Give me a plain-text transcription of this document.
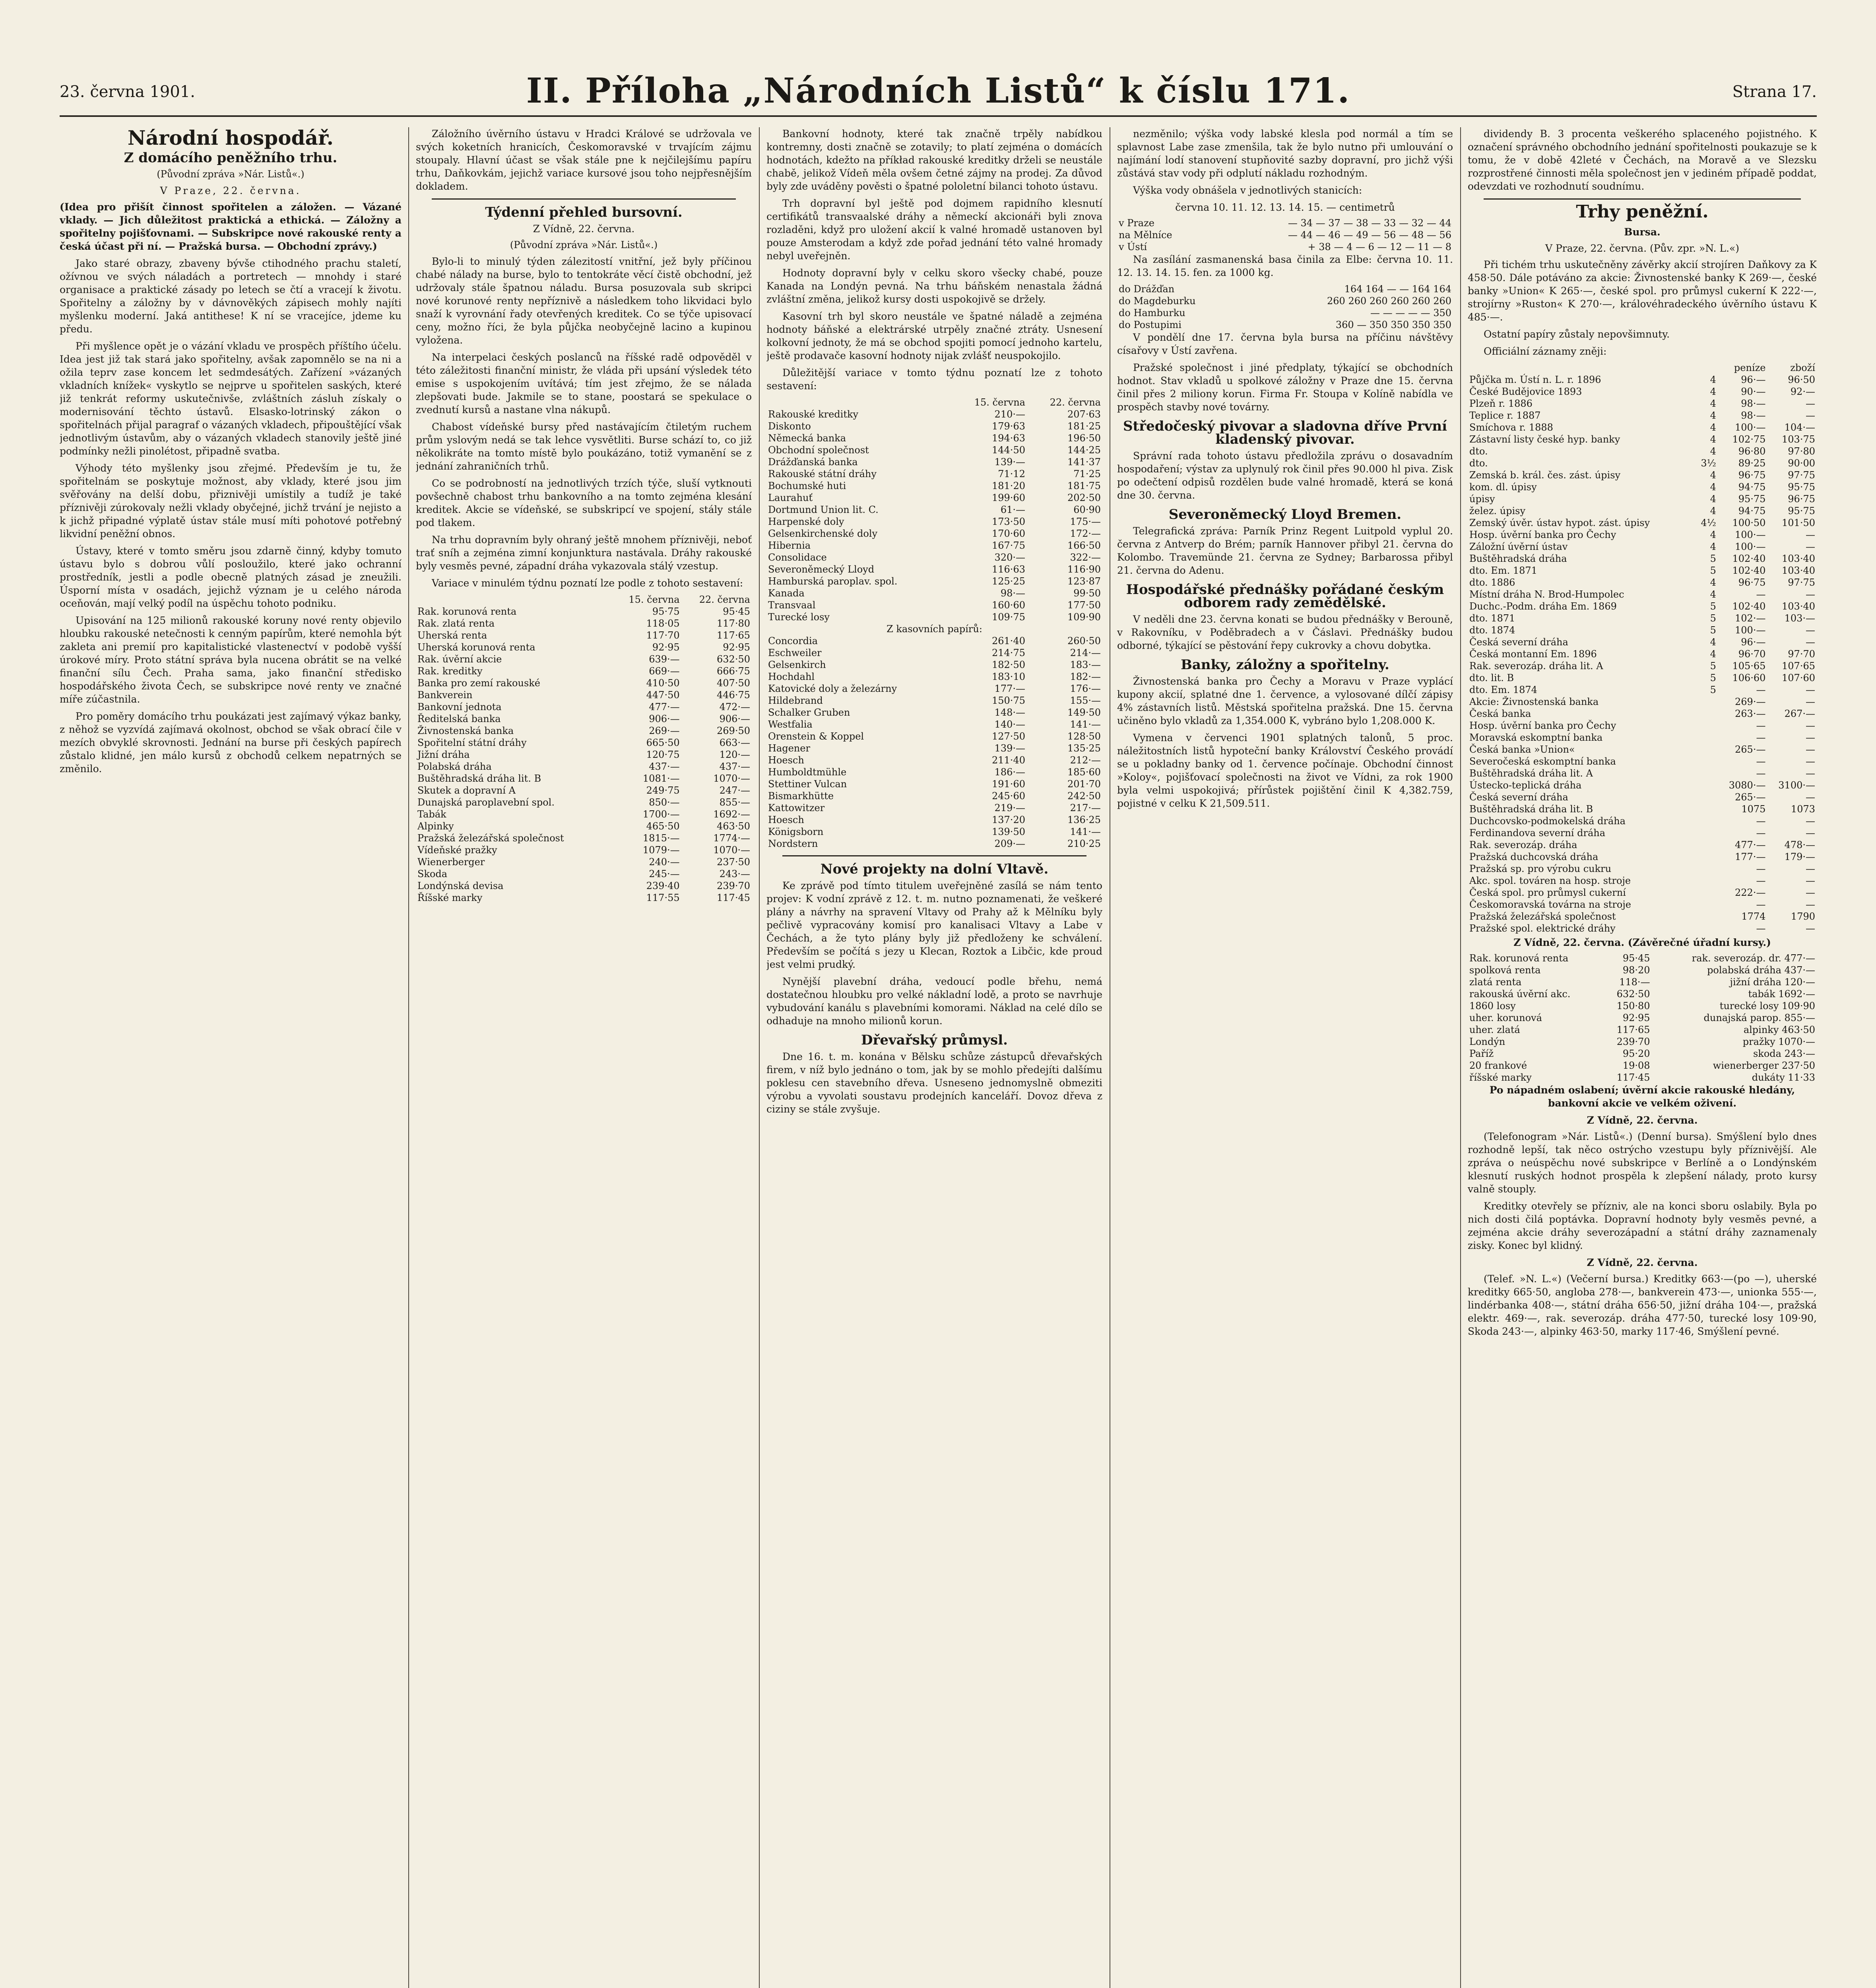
23. června 1901.	II. Příloha „Národních Listů“ k číslu 171.	Strana 17.
Národní hospodář.
Z domácího peněžního trhu.
(Původní zpráva »Nár. Listů«.)
V Praze, 22. června.

(Idea pro přišít činnost spořitelen a záložen. — Vázané vklady. — Jich důležitost praktická a ethická. — Záložny a spořitelny pojišťovnami. — Subskripce nové rakouské renty a česká účast při ní. — Pražská bursa. — Obchodní zprávy.)

Jako staré obrazy, zbaveny bývše ctihodného prachu staletí, ožívnou ve svých náladách a portretech — mnohdy i staré organisace a praktické zásady po letech se čtí a vracejí k životu. Spořitelny a záložny by v dávnověkých zápisech mohly najíti myšlenku moderní. Jaká antithese! K ní se vracejíce, jdeme ku předu.

Při myšlence opět je o vázání vkladu ve prospěch příštího účelu. Idea jest již tak stará jako spořitelny, avšak zapomnělo se na ni a ožila teprv zase koncem let sedmdesátých. Zařízení »vázaných vkladních knížek« vyskytlo se nejprve u spořitelen saských, které již tenkrát reformy uskutečnivše, zvláštních zásluh získaly o modernisování těchto ústavů. Elsasko-lotrinský zákon o spořitelnách přijal paragraf o vázaných vkladech, připouštějící však jednotlivým ústavům, aby o vázaných vkladech stanovily ještě jiné podmínky nežli pinolétost, připadně svatba.

Výhody této myšlenky jsou zřejmé. Především je tu, že spořitelnám se poskytuje možnost, aby vklady, které jsou jim svěřovány na delší dobu, přiznivěji umístily a tudíž je také příznivěji zúrokovaly nežli vklady obyčejné, jichž trvání je nejisto a k jichž připadné výplatě ústav stále musí míti pohotové potřebný likvidní peněžní obnos.

Ústavy, které v tomto směru jsou zdarně činný, kdyby tomuto ústavu bylo s dobrou vůlí posloužilo, které jako ochranní prostředník, jestli a podle obecně platných zásad je zneužili. Úsporní místa v osadách, jejichž význam je u celého národa oceňován, mají velký podíl na úspěchu tohoto podniku.

Upisování na 125 milionů rakouské koruny nové renty objevilo hloubku rakouské netečnosti k cenným papírům, které nemohla být zakleta ani premií pro kapitalistické vlastenectví v podobě vyšší úrokové míry. Proto státní správa byla nucena obrátit se na velké finanční sílu Čech. Praha sama, jako finanční středisko hospodářského života Čech, se subskripce nové renty ve značné míře zúčastnila.

Pro poměry domácího trhu poukázati jest zajímavý výkaz banky, z něhož se vyzvídá zajímavá okolnost, obchod se však obrací čile v mezích obvyklé skrovnosti. Jednání na burse při českých papírech zůstalo klidné, jen málo kursů z obchodů celkem nepatrných se změnilo.

Záložního úvěrního ústavu v Hradci Králové se udržovala ve svých koketních hranicích, Českomoravské v trvajícím zájmu stoupaly. Hlavní účast se však stále pne k nejčilejšímu papíru trhu, Daňkovkám, jejichž variace kursové jsou toho nejpřesnějším dokladem.

Týdenní přehled bursovní.
Z Vídně, 22. června.
(Původní zpráva »Nár. Listů«.)

Bylo-li to minulý týden zálezitostí vnitřní, jež byly příčinou chabé nálady na burse, bylo to tentokráte věcí čistě obchodní, jež udržovaly stále špatnou náladu. Bursa posuzovala sub skripci nové korunové renty nepříznivě a následkem toho likvidaci bylo snaží k vyrovnání řady otevřených kreditek. Co se týče upisovací ceny, možno říci, že byla půjčka neobyčejně lacino a kupinou vyložena.

Na interpelaci českých poslanců na říšské radě odpověděl v této záležitosti finanční ministr, že vláda při upsání výsledek této emise s uspokojením uvítává; tím jest zřejmo, že se nálada zlepšovati bude. Jakmile se to stane, poostará se spekulace o zvednutí kursů a nastane vlna nákupů.

Chabost vídeňské bursy před nastávajícím čtiletým ruchem prům yslovým nedá se tak lehce vysvětliti. Burse schází to, co již několikráte na tomto místě bylo poukázáno, totiž vymanění se z jednání zahraničních trhů.

Co se podrobností na jednotlivých trzích týče, sluší vytknouti povšechně chabost trhu bankovního a na tomto zejména klesání kreditek. Akcie se vídeňské, se subskripcí ve spojení, stály stále pod tlakem.

Na trhu dopravním byly ohraný ještě mnohem příznivěji, neboť trať sníh a zejména zimní konjunktura nastávala. Dráhy rakouské byly vesměs pevné, západní dráha vykazovala stálý vzestup.

Variace v minulém týdnu poznatí lze podle z tohoto sestavení:

	15. června	22. června
Rak. korunová renta	95·75	95·45
Rak. zlatá renta	118·05	117·80
Uherská renta	117·70	117·65
Uherská korunová renta	92·95	92·95
Rak. úvěrní akcie	639·—	632·50
Rak. kreditky	669·—	666·75
Banka pro zemí rakouské	410·50	407·50
Bankverein	447·50	446·75
Bankovní jednota	477·—	472·—
Ředitelská banka	906·—	906·—
Živnostenská banka	269·—	269·50
Spořitelní státní dráhy	665·50	663·—
Jižní dráha	120·75	120·—
Polabská dráha	437·—	437·—
Buštěhradská dráha lit. B	1081·—	1070·—
Skutek a dopravní A	249·75	247·—
Dunajská paroplavební spol.	850·—	855·—
Tabák	1700·—	1692·—
Alpinky	465·50	463·50
Pražská železářská společnost	1815·—	1774·—
Vídeňské pražky	1079·—	1070·—
Wienerberger	240·—	237·50
Skoda	245·—	243·—
Londýnská devisa	239·40	239·70
Říšské marky	117·55	117·45

Bankovní hodnoty, které tak značně trpěly nabídkou kontremny, dosti značně se zotavily; to platí zejména o domácích hodnotách, kdežto na příkład rakouské kreditky drželi se neustále chabě, jelikož Vídeň měla ovšem četné zájmy na prodej. Za důvod byly zde uváděny pověsti o špatné pololetní bilanci tohoto ústavu.

Trh dopravní byl ještě pod dojmem rapidního klesnutí certifikátů transvaalské dráhy a německí akcionáři byli znova rozladěni, když pro uložení akcií k valné hromadě ustanoven byl pouze Amsterodam a když zde pořad jednání této valné hromady nebyl uveřejněn.

Hodnoty dopravní byly v celku skoro všecky chabé, pouze Kanada na Londýn pevná. Na trhu báňském nenastala žádná zvláštní změna, jelikož kursy dosti uspokojivě se držely.

Kasovní trh byl skoro neustále ve špatné náladě a zejména hodnoty báňské a elektrárské utrpěly značné ztráty. Usnesení kolkovní jednoty, že má se obchod spojiti pomocí jednoho kartelu, ještě prodavače kasovní hodnoty nijak zvlášť neuspokojilo.

Důležitější variace v tomto týdnu poznatí lze z tohoto sestavení:

	15. června	22. června
Rakouské kreditky	210·—	207·63
Diskonto	179·63	181·25
Německá banka	194·63	196·50
Obchodní společnost	144·50	144·25
Drážďanská banka	139·—	141·37
Rakouské státní dráhy	71·12	71·25
Bochumské huti	181·20	181·75
Laurahuť	199·60	202·50
Dortmund Union lit. C.	61·—	60·90
Harpenské doly	173·50	175·—
Gelsenkirchenské doly	170·60	172·—
Hibernia	167·75	166·50
Consolidace	320·—	322·—
Severoněmecký Lloyd	116·63	116·90
Hamburská paroplav. spol.	125·25	123·87
Kanada	98·—	99·50
Transvaal	160·60	177·50
Turecké losy	109·75	109·90
Z kasovních papírů:		
Concordia	261·40	260·50
Eschweiler	214·75	214·—
Gelsenkirch	182·50	183·—
Hochdahl	183·10	182·—
Katovické doly a železárny	177·—	176·—
Hildebrand	150·75	155·—
Schalker Gruben	148·—	149·50
Westfalia	140·—	141·—
Orenstein & Koppel	127·50	128·50
Hagener	139·—	135·25
Hoesch	211·40	212·—
Humboldtmühle	186·—	185·60
Stettiner Vulcan	191·60	201·70
Bismarkhütte	245·60	242·50
Kattowitzer	219·—	217·—
Hoesch	137·20	136·25
Königsborn	139·50	141·—
Nordstern	209·—	210·25
Nové projekty na dolní Vltavě.

Ke zprávě pod tímto titulem uveřejněné zasílá se nám tento projev: K vodní zprávě z 12. t. m. nutno poznamenati, že veškeré plány a návrhy na spravení Vltavy od Prahy až k Mělníku byly pečlivě vypracovány komisí pro kanalisaci Vltavy a Labe v Čechách, a že tyto plány byly již předloženy ke schválení. Především se počítá s jezy u Klecan, Roztok a Libčic, kde proud jest velmi prudký.

Nynější plavební dráha, vedoucí podle břehu, nemá dostatečnou hloubku pro velké nákladní lodě, a proto se navrhuje vybudování kanálu s plavebními komorami. Náklad na celé dílo se odhaduje na mnoho milionů korun.

Dřevařský průmysl.

Dne 16. t. m. konána v Bělsku schůze zástupců dřevařských firem, v níž bylo jednáno o tom, jak by se mohlo předejíti dalšímu poklesu cen stavebního dřeva. Usneseno jednomyslně obmeziti výrobu a vyvolati soustavu prodejních kanceláří. Dovoz dřeva z ciziny se stále zvyšuje.

nezměnilo; výška vody labské klesla pod normál a tím se splavnost Labe zase zmenšila, tak že bylo nutno při umlouvání o najímání lodí stanovení stupňovité sazby dopravní, pro jichž výši zůstává stav vody při odplutí nákladu rozhodným.

Výška vody obnášela v jednotlivých stanicích:

června 10. 11. 12. 13. 14. 15. — centimetrů
v Praze	— 34 — 37 — 38 — 33 — 32 — 44
na Mělníce	— 44 — 46 — 49 — 56 — 48 — 56
v Ústí	+ 38 — 4 — 6 — 12 — 11 — 8

Na zasílání zasmanenská basa činila za Elbe: června 10. 11. 12. 13. 14. 15. fen. za 1000 kg.

do Drážďan	164 164 — — 164 164
do Magdeburku	260 260 260 260 260 260
do Hamburku	— — — — — 350
do Postupimi	360 — 350 350 350 350

V pondělí dne 17. června byla bursa na příčinu návštěvy císařovy v Ústí zavřena.

Pražské společnost i jiné předplaty, týkající se obchodních hodnot. Stav vkladů u spolkové záložny v Praze dne 15. června činil přes 2 miliony korun. Firma Fr. Stoupa v Kolíně nabídla ve prospěch stavby nové továrny.

Středočeský pivovar a sladovna dříve První kladenský pivovar.

Správní rada tohoto ústavu předložila zprávu o dosavadním hospodaření; výstav za uplynulý rok činil přes 90.000 hl piva. Zisk po odečtení odpisů rozdělen bude valné hromadě, která se koná dne 30. června.

Severoněmecký Lloyd Bremen.

Telegrafická zpráva: Parník Prinz Regent Luitpold vyplul 20. června z Antverp do Brém; parník Hannover přibyl 21. června do Kolombo. Travemünde 21. června ze Sydney; Barbarossa přibyl 21. června do Adenu.

Hospodářské přednášky pořádané českým odborem rady zemědělské.

V neděli dne 23. června konati se budou přednášky v Berouně, v Rakovníku, v Poděbradech a v Čáslavi. Přednášky budou odborné, týkající se pěstování řepy cukrovky a chovu dobytka.

Banky, záložny a spořitelny.

Živnostenská banka pro Čechy a Moravu v Praze vyplácí kupony akcií, splatné dne 1. července, a vylosované dílčí zápisy 4% zástavních listů. Městská spořitelna pražská. Dne 15. června učiněno bylo vkladů za 1,354.000 K, vybráno bylo 1,208.000 K.

Vymena v červenci 1901 splatných talonů, 5 proc. náležitostních listů hypoteční banky Království Českého provádí se u pokladny banky od 1. července počínaje. Obchodní činnost »Koloy«, pojišťovací společnosti na život ve Vídni, za rok 1900 byla velmi uspokojivá; přírůstek pojištění činil K 4,382.759, pojistné v celku K 21,509.511.

dividendy B. 3 procenta veškerého splaceného pojistného. K označení správného obchodního jednání spořitelnosti poukazuje se k tomu, že v době 42leté v Čechách, na Moravě a ve Slezsku rozprostřené činnosti měla společnost jen v jediném případě poddat, odevzdati ve rozhodnutí soudnímu.

Trhy peněžní.
Bursa.
V Praze, 22. června. (Pův. zpr. »N. L.«)

Při tichém trhu uskutečněny závěrky akcií strojíren Daňkovy za K 458·50. Dále potáváno za akcie: Živnostenské banky K 269·—, české banky »Union« K 265·—, české spol. pro průmysl cukerní K 222·—, strojírny »Ruston« K 270·—, královéhradeckého úvěrního ústavu K 485·—.

Ostatní papíry zůstaly nepovšimnuty.

Officiální záznamy zněji:

		peníze	zboží
Půjčka m. Ústí n. L. r. 1896	4	96·—	96·50
České Budějovice 1893	4	90·—	92·—
Plzeň r. 1886	4	98·—	—
Teplice r. 1887	4	98·—	—
Smíchova r. 1888	4	100·—	104·—
Zástavní listy české hyp. banky	4	102·75	103·75
dto.	4	96·80	97·80
dto.	3½	89·25	90·00
Zemská b. král. čes. zást. úpisy	4	96·75	97·75
kom. dl. úpisy	4	94·75	95·75
úpisy	4	95·75	96·75
želez. úpisy	4	94·75	95·75
Zemský úvěr. ústav hypot. zást. úpisy	4½	100·50	101·50
Hosp. úvěrní banka pro Čechy	4	100·—	—
Záložní úvěrní ústav	4	100·—	—
Buštěhradská dráha	5	102·40	103·40
dto. Em. 1871	5	102·40	103·40
dto. 1886	4	96·75	97·75
Místní dráha N. Brod-Humpolec	4	—	—
Duchc.-Podm. dráha Em. 1869	5	102·40	103·40
dto. 1871	5	102·—	103·—
dto. 1874	5	100·—	—
Česká severní dráha	4	96·—	—
Česká montanní Em. 1896	4	96·70	97·70
Rak. severozáp. dráha lit. A	5	105·65	107·65
dto. lit. B	5	106·60	107·60
dto. Em. 1874	5	—	—
Akcie: Živnostenská banka		269·—	—
Česká banka		263·—	267·—
Hosp. úvěrní banka pro Čechy		—	—
Moravská eskomptní banka		—	—
Česká banka »Union«		265·—	—
Severočeská eskomptní banka		—	—
Buštěhradská dráha lit. A		—	—
Ústecko-teplická dráha		3080·—	3100·—
Česká severní dráha		265·—	—
Buštěhradská dráha lit. B		1075	1073
Duchcovsko-podmokelská dráha		—	—
Ferdinandova severní dráha		—	—
Rak. severozáp. dráha		477·—	478·—
Pražská duchcovská dráha		177·—	179·—
Pražská sp. pro výrobu cukru		—	—
Akc. spol. továren na hosp. stroje		—	—
Česká spol. pro průmysl cukerní		222·—	—
Českomoravská továrna na stroje		—	—
Pražská železářská společnost		1774	1790
Pražské spol. elektrické dráhy		—	—
Z Vídně, 22. června. (Závěrečné úřadní kursy.)
Rak. korunová renta	95·45	rak. severozáp. dr. 477·—
spolková renta	98·20	polabská dráha 437·—
zlatá renta	118·—	jižní dráha 120·—
rakouská úvěrní akc.	632·50	tabák 1692·—
1860 losy	150·80	turecké losy 109·90
uher. korunová	92·95	dunajská parop. 855·—
uher. zlatá	117·65	alpinky 463·50
Londýn	239·70	pražky 1070·—
Paříž	95·20	skoda 243·—
20 frankové	19·08	wienerberger 237·50
říšské marky	117·45	dukáty 11·33

Po nápadném oslabení; úvěrní akcie rakouské hledány, bankovní akcie ve velkém oživení.

Z Vídně, 22. června.

(Telefonogram »Nár. Listů«.) (Denní bursa). Smýšlení bylo dnes rozhodně lepší, tak něco ostrýcho vzestupu byly příznivější. Ale zpráva o neúspěchu nové subskripce v Berlíně a o Londýnském klesnutí ruských hodnot prospěla k zlepšení nálady, proto kursy valně stouply.

Kreditky otevřely se přízniv, ale na konci sboru oslabily. Byla po nich dosti čilá poptávka. Dopravní hodnoty byly vesměs pevné, a zejména akcie dráhy severozápadní a státní dráhy zaznamenaly zisky. Konec byl klidný.

Z Vídně, 22. června.

(Telef. »N. L.«) (Večerní bursa.) Kreditky 663·—(po —), uherské kreditky 665·50, angloba 278·—, bankverein 473·—, unionka 555·—, lindérbanka 408·—, státní dráha 656·50, jižní dráha 104·—, pražská elektr. 469·—, rak. severozáp. dráha 477·50, turecké losy 109·90, Skoda 243·—, alpinky 463·50, marky 117·46, Smýšlení pevné.
